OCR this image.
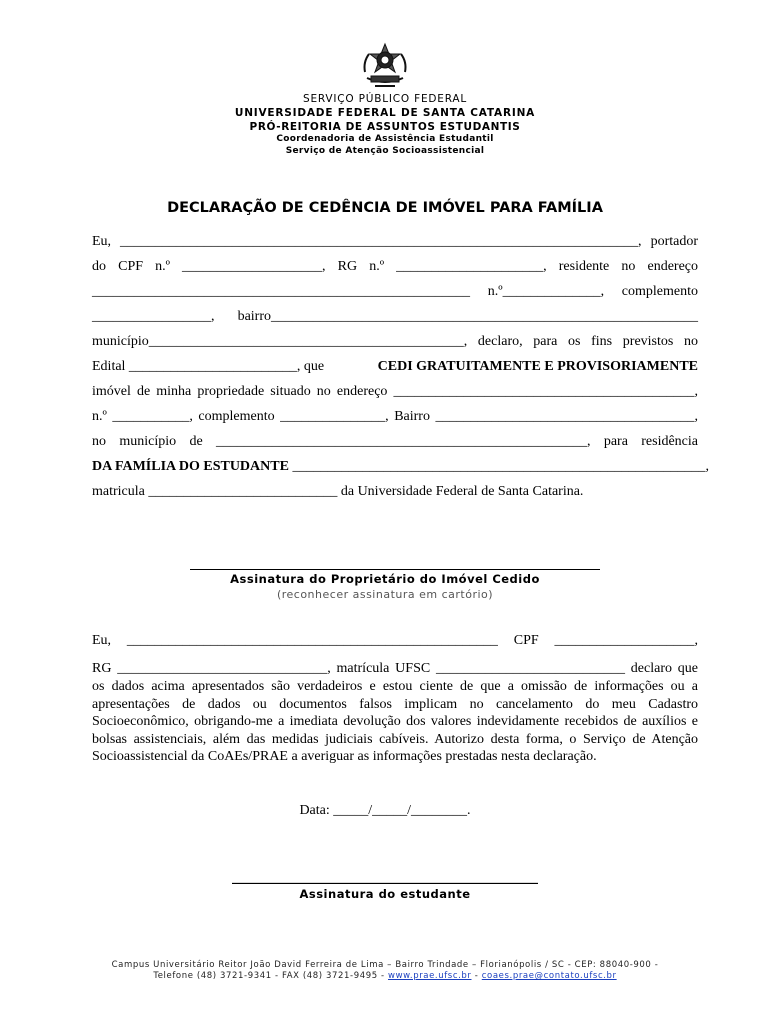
SERVIÇO PÚBLICO FEDERAL
UNIVERSIDADE FEDERAL DE SANTA CATARINA
PRÓ-REITORIA DE ASSUNTOS ESTUDANTIS
Coordenadoria de Assistência Estudantil
Serviço de Atenção Socioassistencial
DECLARAÇÃO DE CEDÊNCIA DE IMÓVEL PARA FAMÍLIA
Eu, __________________________________________________________________________, portador
do CPF n.º ____________________, RG n.º _____________________, residente no endereço
______________________________________________________ n.º______________, complemento
_________________, bairro_____________________________________________________________
município_____________________________________________, declaro, para os fins previstos no
Edital ________________________, que	CEDI GRATUITAMENTE E PROVISORIAMENTE
imóvel de minha propriedade situado no endereço ___________________________________________,
n.º ___________, complemento _______________, Bairro _____________________________________,
no município de _____________________________________________________, para residência
DA FAMÍLIA DO ESTUDANTE ___________________________________________________________,
matricula ___________________________ da Universidade Federal de Santa Catarina.
Assinatura do Proprietário do Imóvel Cedido
(reconhecer assinatura em cartório)
Eu, _____________________________________________________ CPF ____________________,
RG ______________________________, matrícula UFSC ___________________________ declaro que
os dados acima apresentados são verdadeiros e estou ciente de que a omissão de informações ou a apresentações de dados ou documentos falsos implicam no cancelamento do meu Cadastro Socioeconômico, obrigando-me a imediata devolução dos valores indevidamente recebidos de auxílios e bolsas assistenciais, além das medidas judiciais cabíveis. Autorizo desta forma, o Serviço de Atenção Socioassistencial da CoAEs/PRAE a averiguar as informações prestadas nesta declaração.
Data: _____/_____/________.
___________________________________________________
Assinatura do estudante
Campus Universitário Reitor João David Ferreira de Lima – Bairro Trindade – Florianópolis / SC - CEP: 88040-900 -
Telefone (48) 3721-9341 - FAX (48) 3721-9495 - www.prae.ufsc.br - coaes.prae@contato.ufsc.br
